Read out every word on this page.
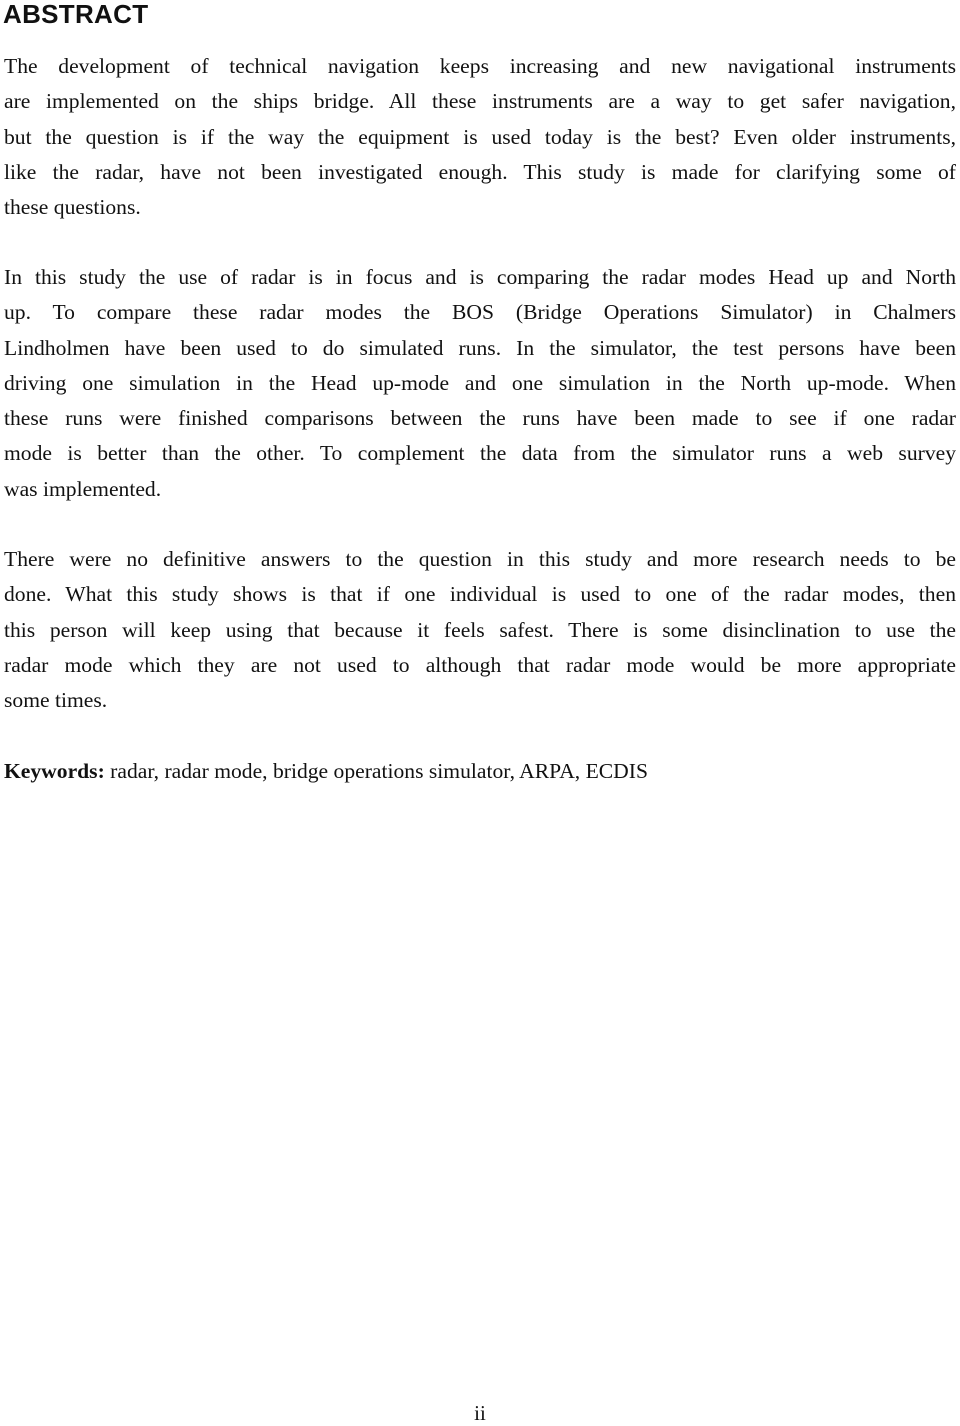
ABSTRACT

The development of technical navigation keeps increasing and new navigational instruments
are implemented on the ships bridge. All these instruments are a way to get safer navigation,
but the question is if the way the equipment is used today is the best? Even older instruments,
like the radar, have not been investigated enough. This study is made for clarifying some of
these questions.

In this study the use of radar is in focus and is comparing the radar modes Head up and North
up. To compare these radar modes the BOS (Bridge Operations Simulator) in Chalmers
Lindholmen have been used to do simulated runs. In the simulator, the test persons have been
driving one simulation in the Head up-mode and one simulation in the North up-mode. When
these runs were finished comparisons between the runs have been made to see if one radar
mode is better than the other. To complement the data from the simulator runs a web survey
was implemented.

There were no definitive answers to the question in this study and more research needs to be
done. What this study shows is that if one individual is used to one of the radar modes, then
this person will keep using that because it feels safest. There is some disinclination to use the
radar mode which they are not used to although that radar mode would be more appropriate
some times.

Keywords: radar, radar mode, bridge operations simulator, ARPA, ECDIS

ii
